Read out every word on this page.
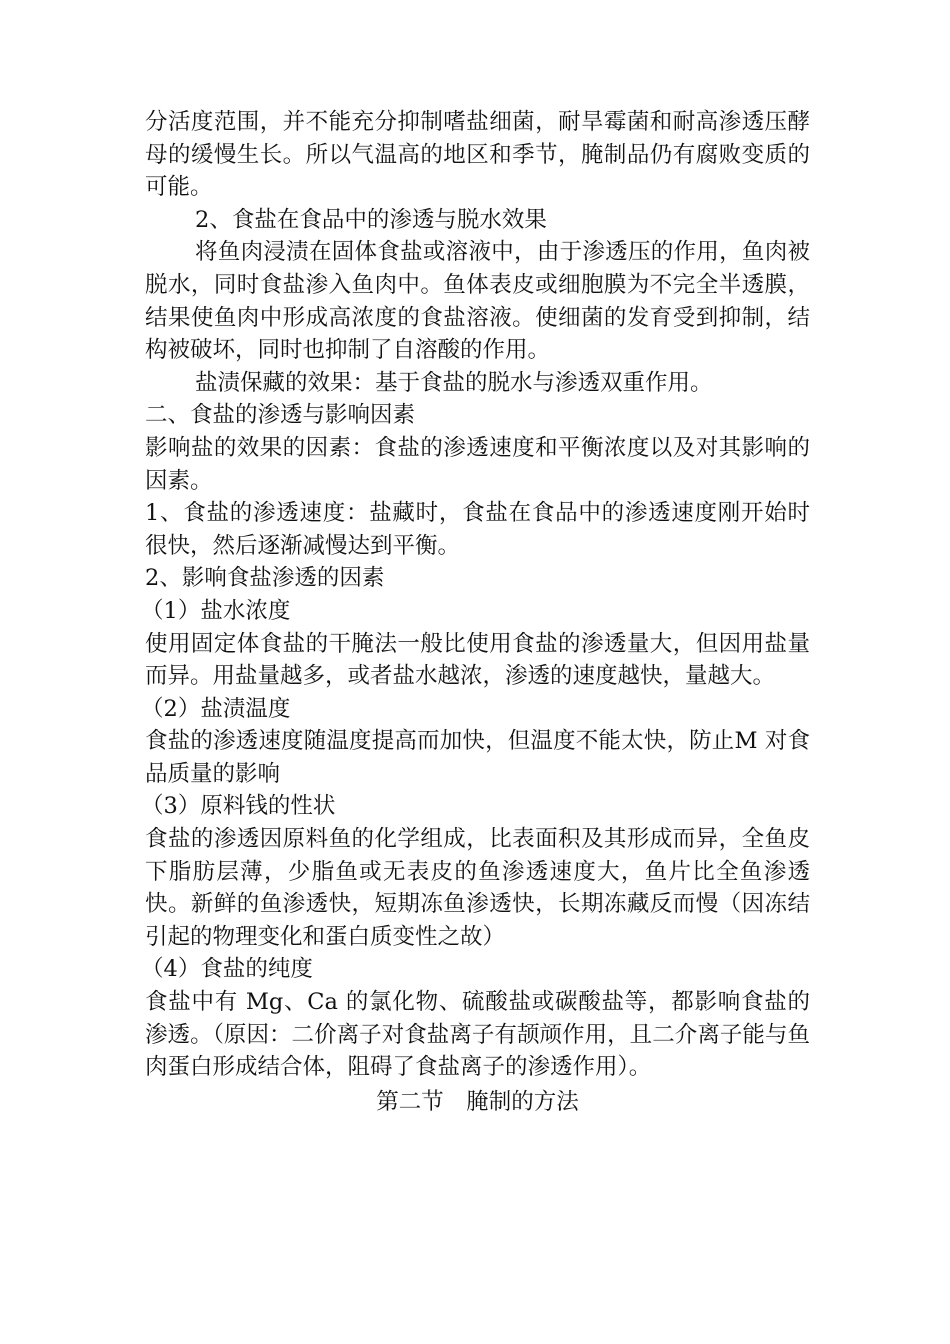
分活度范围，并不能充分抑制嗜盐细菌，耐旱霉菌和耐高渗透压酵母的缓慢生长。所以气温高的地区和季节，腌制品仍有腐败变质的可能。

2、食盐在食品中的渗透与脱水效果

将鱼肉浸渍在固体食盐或溶液中，由于渗透压的作用，鱼肉被脱水，同时食盐渗入鱼肉中。鱼体表皮或细胞膜为不完全半透膜，结果使鱼肉中形成高浓度的食盐溶液。使细菌的发育受到抑制，结构被破坏，同时也抑制了自溶酸的作用。

盐渍保藏的效果：基于食盐的脱水与渗透双重作用。

二、食盐的渗透与影响因素

影响盐的效果的因素：食盐的渗透速度和平衡浓度以及对其影响的因素。

1、食盐的渗透速度：盐藏时，食盐在食品中的渗透速度刚开始时很快，然后逐渐减慢达到平衡。

2、影响食盐渗透的因素

（1）盐水浓度

使用固定体食盐的干腌法一般比使用食盐的渗透量大，但因用盐量而异。用盐量越多，或者盐水越浓，渗透的速度越快，量越大。

（2）盐渍温度

食盐的渗透速度随温度提高而加快，但温度不能太快，防止M 对食品质量的影响

（3）原料钱的性状

食盐的渗透因原料鱼的化学组成，比表面积及其形成而异，全鱼皮下脂肪层薄，少脂鱼或无表皮的鱼渗透速度大，鱼片比全鱼渗透快。新鲜的鱼渗透快，短期冻鱼渗透快，长期冻藏反而慢（因冻结引起的物理变化和蛋白质变性之故）

（4）食盐的纯度

食盐中有 Mg、Ca 的氯化物、硫酸盐或碳酸盐等，都影响食盐的渗透。（原因：二价离子对食盐离子有颉颃作用，且二介离子能与鱼肉蛋白形成结合体，阻碍了食盐离子的渗透作用）。

第二节　腌制的方法
